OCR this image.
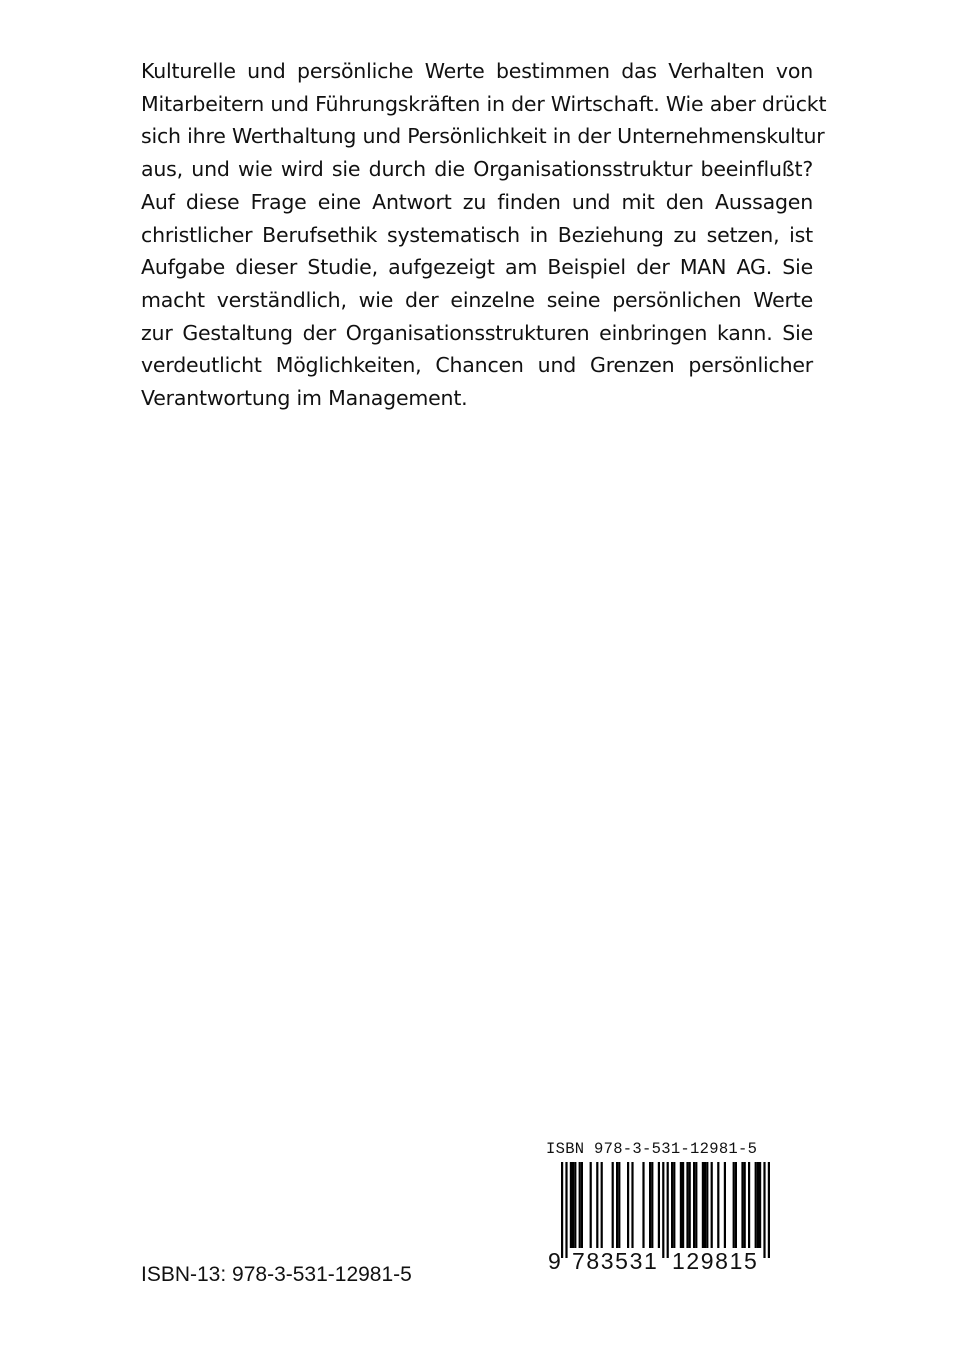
Kulturelle und persönliche Werte bestimmen das Verhalten von
Mitarbeitern und Führungskräften in der Wirtschaft. Wie aber drückt
sich ihre Werthaltung und Persönlichkeit in der Unternehmenskultur
aus, und wie wird sie durch die Organisationsstruktur beeinflußt?
Auf diese Frage eine Antwort zu finden und mit den Aussagen
christlicher Berufsethik systematisch in Beziehung zu setzen, ist
Aufgabe dieser Studie, aufgezeigt am Beispiel der MAN AG. Sie
macht verständlich, wie der einzelne seine persönlichen Werte
zur Gestaltung der Organisationsstrukturen einbringen kann. Sie
verdeutlicht Möglichkeiten, Chancen und Grenzen persönlicher
Verantwortung im Management.
ISBN-13: 978-3-531-12981-5
ISBN 978-3-531-12981-5
9 783531 129815
